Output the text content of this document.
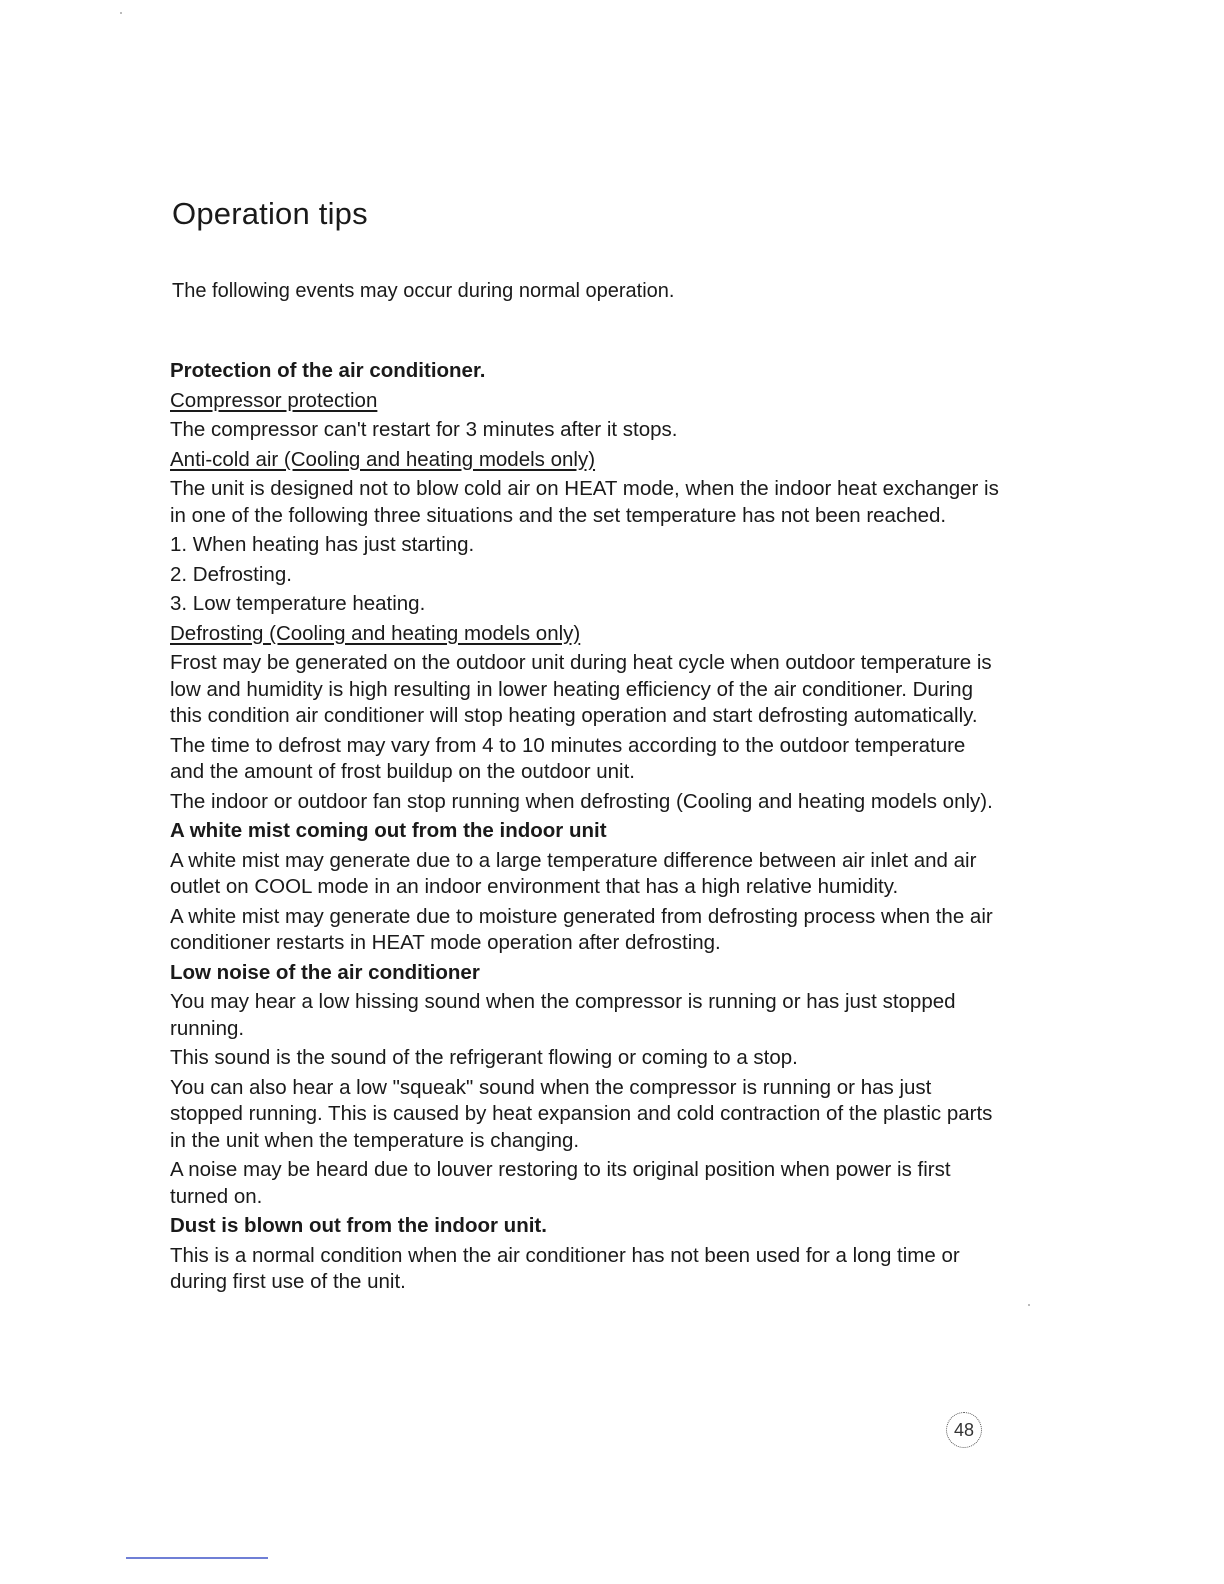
Operation tips

The following events may occur during normal operation.

Protection of the air conditioner.

Compressor protection

The compressor can't restart for 3 minutes after it stops.

Anti-cold air (Cooling and heating models only)

The unit is designed not to blow cold air on HEAT mode, when the indoor heat exchanger is in one of the following three situations and the set temperature has not been reached.

1. When heating has just starting.

2. Defrosting.

3. Low temperature heating.

Defrosting (Cooling and heating models only)

Frost may be generated on the outdoor unit during heat cycle when outdoor temperature is low and humidity is high resulting in lower heating efficiency of the air conditioner. During this condition air conditioner will stop heating operation and start defrosting automatically.

The time to defrost may vary from 4 to 10 minutes according to the outdoor temperature and the amount of frost buildup on the outdoor unit.

The indoor or outdoor fan stop running when defrosting (Cooling and heating models only).

A white mist coming out from the indoor unit

A white mist may generate due to a large temperature difference between air inlet and air outlet on COOL mode in an indoor environment that has a high relative humidity.

A white mist may generate due to moisture generated from defrosting process when the air conditioner restarts in HEAT mode operation after defrosting.

Low noise of the air conditioner

You may hear a low hissing sound when the compressor is running or has just stopped running.

This sound is the sound of the refrigerant flowing or coming to a stop.

You can also hear a low "squeak" sound when the compressor is running or has just stopped running. This is caused by heat expansion and cold contraction of the plastic parts in the unit when the temperature is changing.

A noise may be heard due to louver restoring to its original position when power is first turned on.

Dust is blown out from the indoor unit.

This is a normal condition when the air conditioner has not been used for a long time or during first use of the unit.

48
